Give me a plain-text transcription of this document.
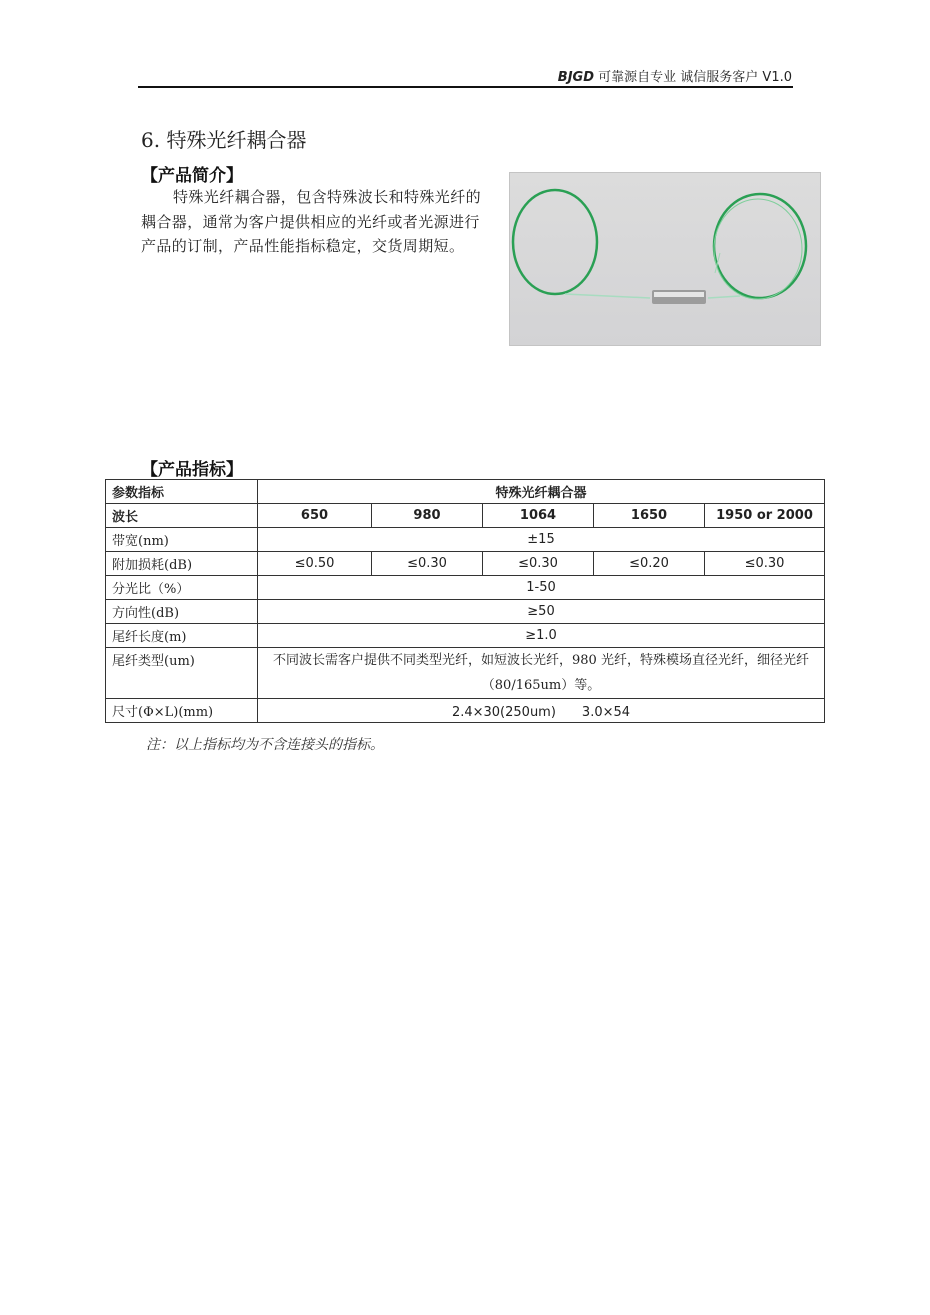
BJGD 可靠源自专业 诚信服务客户 V1.0
6. 特殊光纤耦合器
【产品简介】
特殊光纤耦合器，包含特殊波长和特殊光纤的耦合器，通常为客户提供相应的光纤或者光源进行产品的订制，产品性能指标稳定，交货周期短。
【产品指标】
参数指标	特殊光纤耦合器				
波长	650	980	1064	1650	1950 or 2000
带宽(nm)	±15				
附加损耗(dB)	≤0.50	≤0.30	≤0.30	≤0.20	≤0.30
分光比（%）	1-50				
方向性(dB)	≥50				
尾纤长度(m)	≥1.0				
尾纤类型(um)	不同波长需客户提供不同类型光纤，如短波长光纤，980 光纤，特殊模场直径光纤，细径光纤（80/165um）等。				
尺寸(Φ×L)(mm)	2.4×30(250um)　　3.0×54				
注：以上指标均为不含连接头的指标。
